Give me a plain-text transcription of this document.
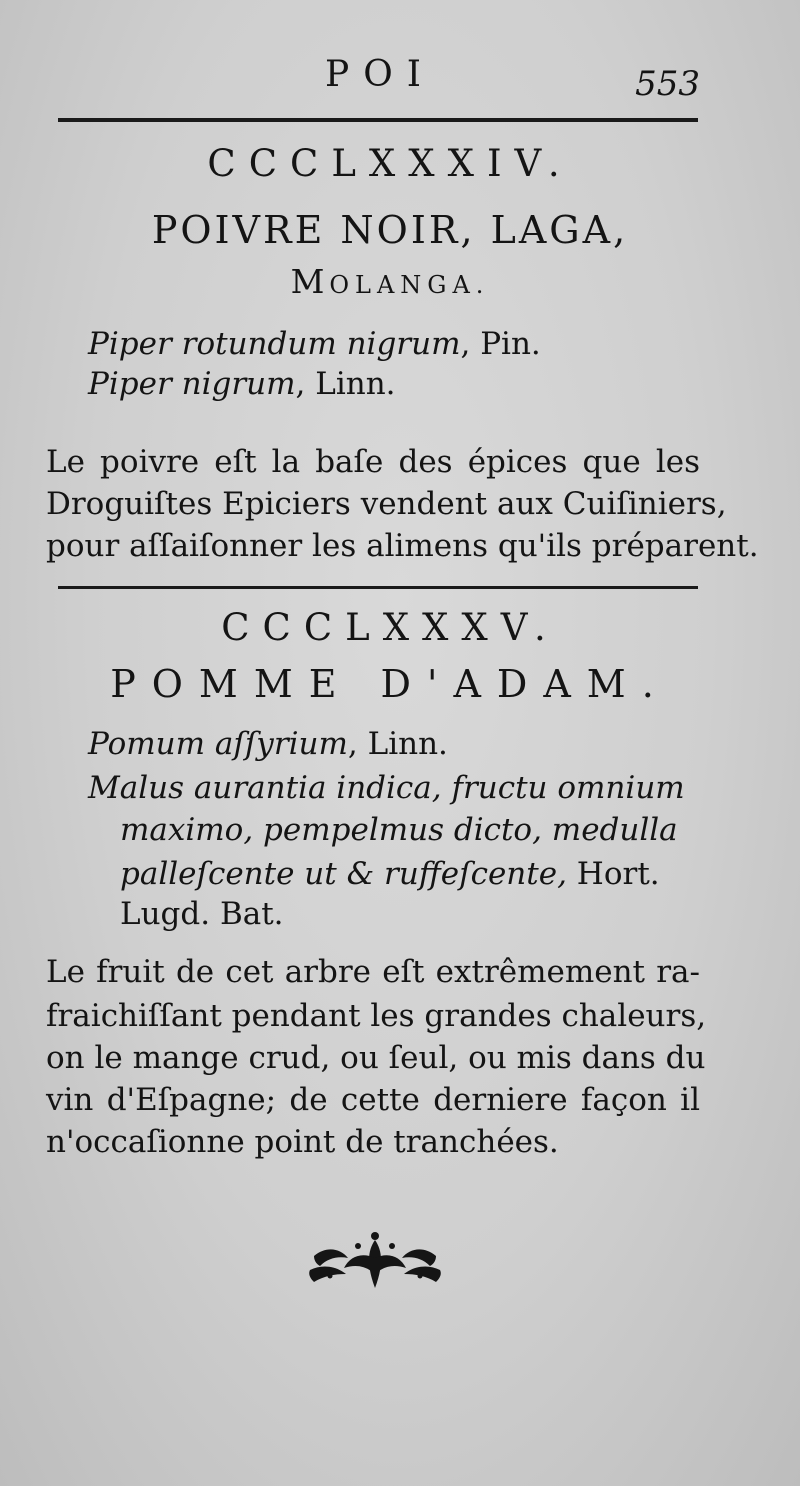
POI	553
CCCLXXXIV.
POIVRE NOIR, LAGA,
MOLANGA.
Piper rotundum nigrum, Pin.
Piper nigrum, Linn.
Le poivre eſt la baſe des épices que les
Droguiſtes Epiciers vendent aux Cuiſiniers,
pour aſſaiſonner les alimens qu'ils préparent.
CCCLXXXV.
POMME D'ADAM.
Pomum aſſyrium, Linn.
Malus aurantia indica, fructu omnium
maximo, pempelmus dicto, medulla
palleſcente ut & ruffeſcente, Hort.
Lugd. Bat.
Le fruit de cet arbre eſt extrêmement ra-
fraichiſſant pendant les grandes chaleurs,
on le mange crud, ou ſeul, ou mis dans du
vin d'Eſpagne; de cette derniere façon il
n'occaſionne point de tranchées.
